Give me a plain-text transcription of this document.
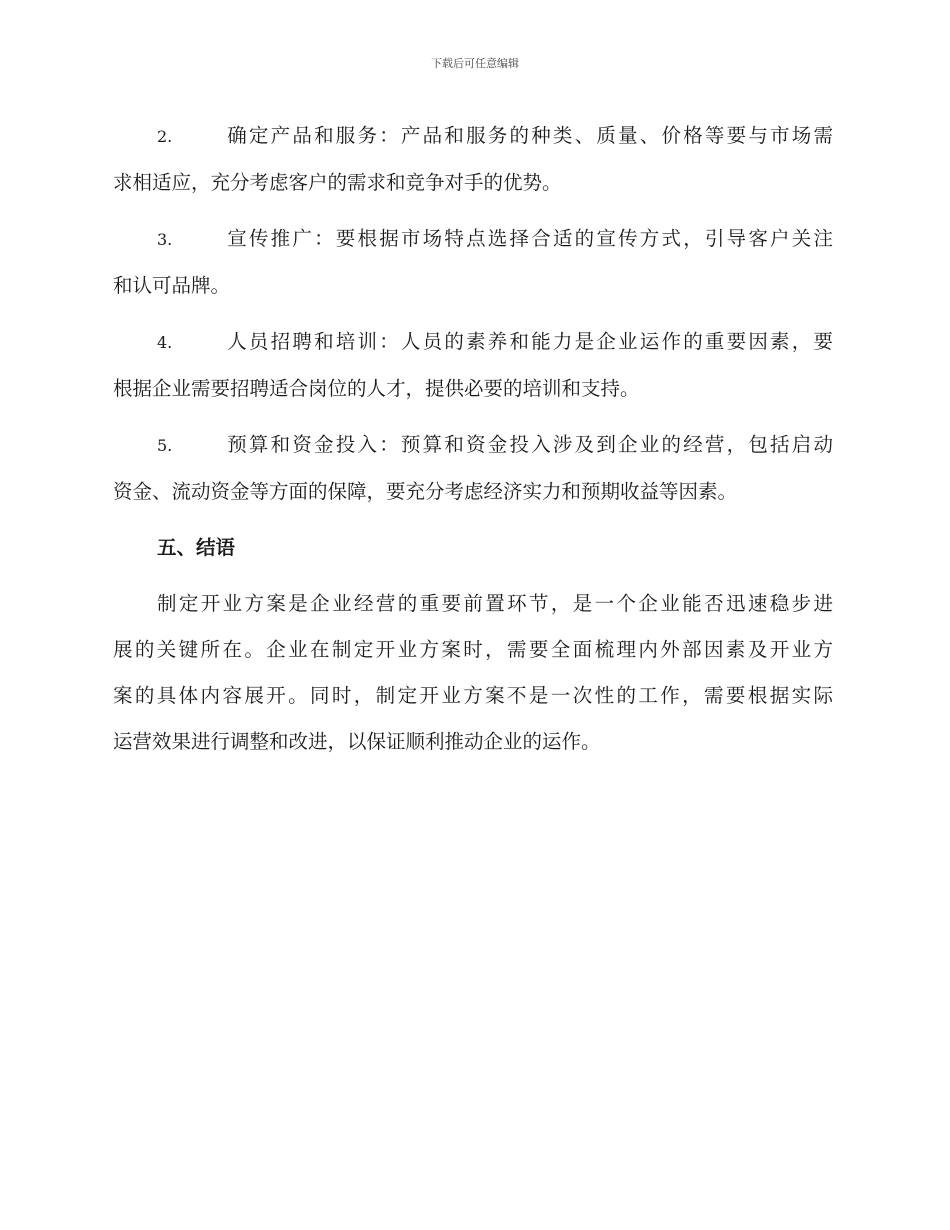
下载后可任意编辑
2.	确定产品和服务：产品和服务的种类、质量、价格等要与市场需
求相适应，充分考虑客户的需求和竞争对手的优势。
3.	宣传推广：要根据市场特点选择合适的宣传方式，引导客户关注
和认可品牌。
4.	人员招聘和培训：人员的素养和能力是企业运作的重要因素，要
根据企业需要招聘适合岗位的人才，提供必要的培训和支持。
5.	预算和资金投入：预算和资金投入涉及到企业的经营，包括启动
资金、流动资金等方面的保障，要充分考虑经济实力和预期收益等因素。
五、结语
制定开业方案是企业经营的重要前置环节，是一个企业能否迅速稳步进
展的关键所在。企业在制定开业方案时，需要全面梳理内外部因素及开业方
案的具体内容展开。同时，制定开业方案不是一次性的工作，需要根据实际
运营效果进行调整和改进，以保证顺利推动企业的运作。
